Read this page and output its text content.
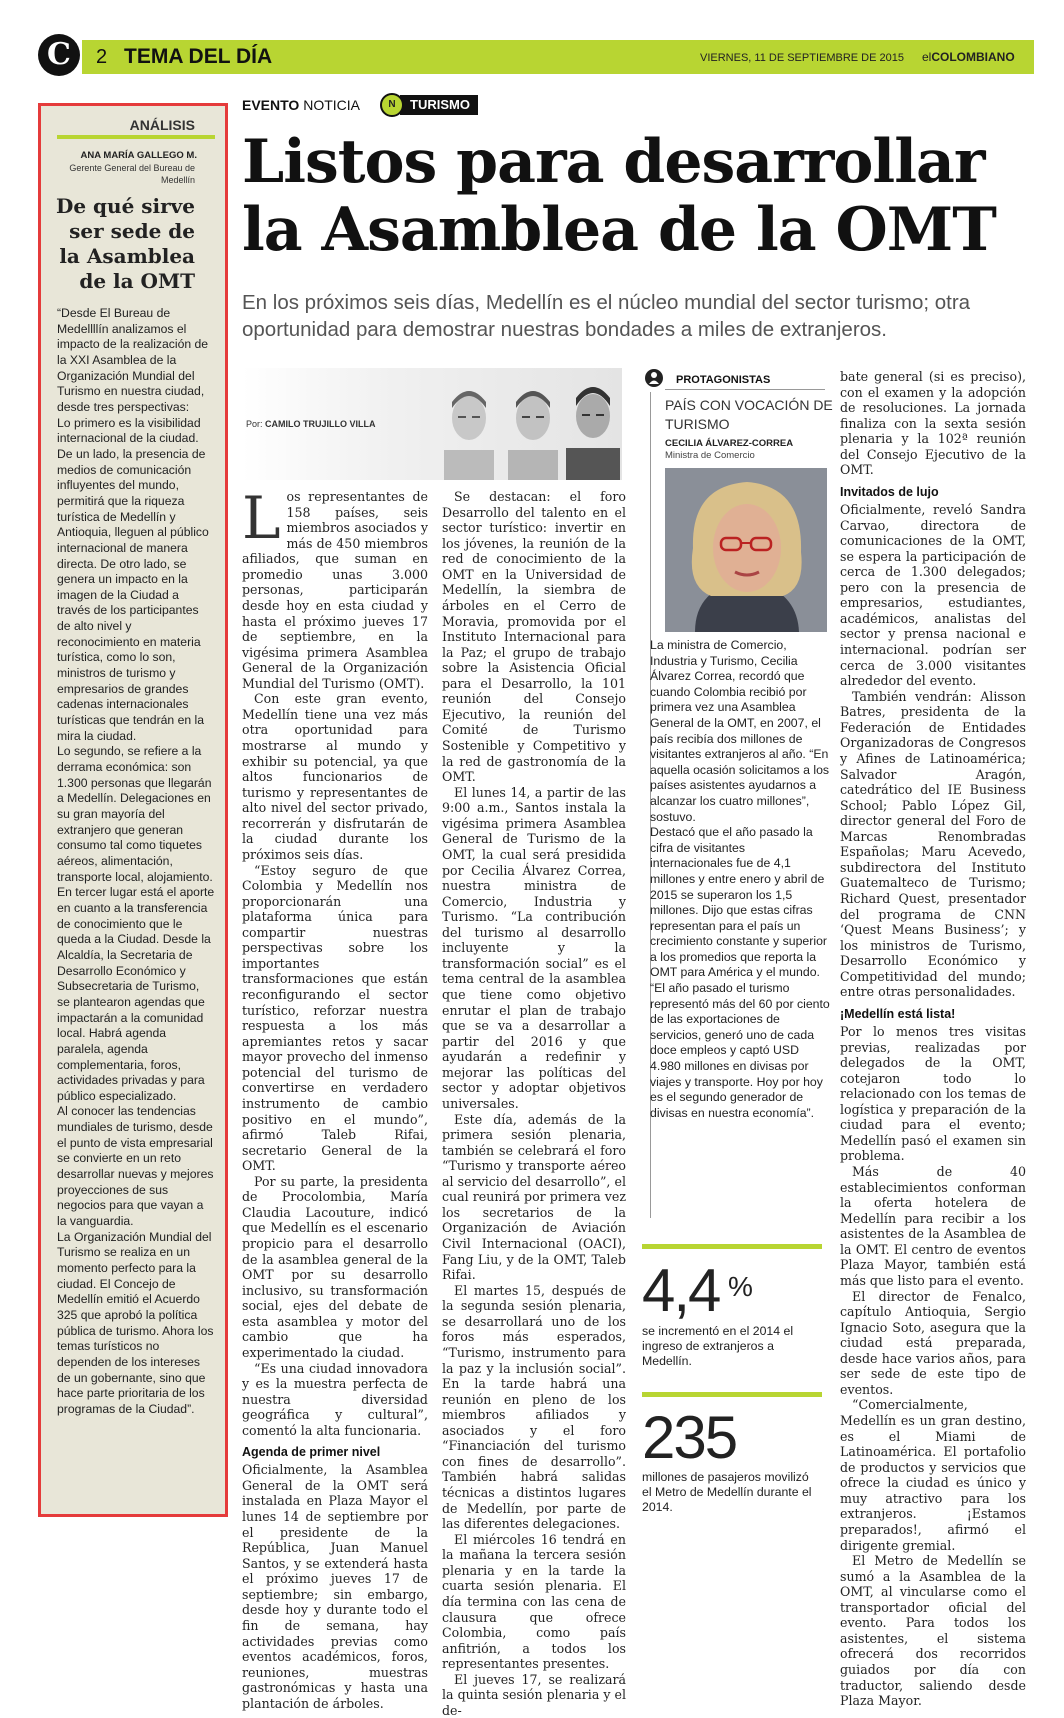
C	2 TEMA DEL DÍA	VIERNES, 11 DE SEPTIEMBRE DE 2015 elCOLOMBIANO
ANÁLISIS
ANA MARÍA GALLEGO M.
Gerente General del Bureau de Medellín
De qué sirve ser sede de la Asamblea de la OMT

“Desde El Bureau de Medellllín analizamos el impacto de la realización de la XXI Asamblea de la Organización Mundial del Turismo en nuestra ciudad, desde tres perspectivas:

Lo primero es la visibilidad internacional de la ciudad. De un lado, la presencia de medios de comunicación influyentes del mundo, permitirá que la riqueza turística de Medellín y Antioquia, lleguen al público internacional de manera directa. De otro lado, se genera un impacto en la imagen de la Ciudad a través de los participantes de alto nivel y reconocimiento en materia turística, como lo son, ministros de turismo y empresarios de grandes cadenas internacionales turísticas que tendrán en la mira la ciudad.

Lo segundo, se refiere a la derrama económica: son 1.300 personas que llegarán a Medellín. Delegaciones en su gran mayoría del extranjero que generan consumo tal como tiquetes aéreos, alimentación, transporte local, alojamiento.

En tercer lugar está el aporte en cuanto a la transferencia de conocimiento que le queda a la Ciudad. Desde la Alcaldía, la Secretaria de Desarrollo Económico y Subsecretaria de Turismo, se plantearon agendas que impactarán a la comunidad local. Habrá agenda paralela, agenda complementaria, foros, actividades privadas y para público especializado.

Al conocer las tendencias mundiales de turismo, desde el punto de vista empresarial se convierte en un reto desarrollar nuevas y mejores proyecciones de sus negocios para que vayan a la vanguardia.

La Organización Mundial del Turismo se realiza en un momento perfecto para la ciudad. El Concejo de Medellín emitió el Acuerdo 325 que aprobó la política pública de turismo. Ahora los temas turísticos no dependen de los intereses de un gobernante, sino que hace parte prioritaria de los programas de la Ciudad”.

EVENTO NOTICIA	TURISMO
N
Listos para desarrollar la Asamblea de la OMT
En los próximos seis días, Medellín es el núcleo mundial del sector turismo; otra oportunidad para demostrar nuestras bondades a miles de extranjeros.
Por: CAMILO TRUJILLO VILLA

Los representantes de 158 países, seis miembros asociados y más de 450 miembros afiliados, que suman en promedio unas 3.000 personas, participarán desde hoy en esta ciudad y hasta el próximo jueves 17 de septiembre, en la vigésima primera Asamblea General de la Organización Mundial del Turismo (OMT).

Con este gran evento, Medellín tiene una vez más otra oportunidad para mostrarse al mundo y exhibir su potencial, ya que altos funcionarios de turismo y representantes de alto nivel del sector privado, recorrerán y disfrutarán de la ciudad durante los próximos seis días.

“Estoy seguro de que Colombia y Medellín nos proporcionarán una plataforma única para compartir nuestras perspectivas sobre los importantes transformaciones que están reconfigurando el sector turístico, reforzar nuestra respuesta a los más apremiantes retos y sacar mayor provecho del inmenso potencial del turismo de convertirse en verdadero instrumento de cambio positivo en el mundo”, afirmó Taleb Rifai, secretario General de la OMT.

Por su parte, la presidenta de Procolombia, María Claudia Lacouture, indicó que Medellín es el escenario propicio para el desarrollo de la asamblea general de la OMT por su desarrollo inclusivo, su transformación social, ejes del debate de esta asamblea y motor del cambio que ha experimentado la ciudad.

“Es una ciudad innovadora y es la muestra perfecta de nuestra diversidad geográfica y cultural”, comentó la alta funcionaria.

Agenda de primer nivel

Oficialmente, la Asamblea General de la OMT será instalada en Plaza Mayor el lunes 14 de septiembre por el presidente de la República, Juan Manuel Santos, y se extenderá hasta el próximo jueves 17 de septiembre; sin embargo, desde hoy y durante todo el fin de semana, hay actividades previas como eventos académicos, foros, reuniones, muestras gastronómicas y hasta una plantación de árboles.

Se destacan: el foro Desarrollo del talento en el sector turístico: invertir en los jóvenes, la reunión de la red de conocimiento de la OMT en la Universidad de Medellín, la siembra de árboles en el Cerro de Moravia, promovida por el Instituto Internacional para la Paz; el grupo de trabajo sobre la Asistencia Oficial para el Desarrollo, la 101 reunión del Consejo Ejecutivo, la reunión del Comité de Turismo Sostenible y Competitivo y la red de gastronomía de la OMT.

El lunes 14, a partir de las 9:00 a.m., Santos instala la vigésima primera Asamblea General de Turismo de la OMT, la cual será presidida por Cecilia Álvarez Correa, nuestra ministra de Comercio, Industria y Turismo. “La contribución del turismo al desarrollo incluyente y la transformación social” es el tema central de la asamblea que tiene como objetivo enrutar el plan de trabajo que se va a desarrollar a partir del 2016 y que ayudarán a redefinir y mejorar las políticas del sector y adoptar objetivos universales.

Este día, además de la primera sesión plenaria, también se celebrará el foro “Turismo y transporte aéreo al servicio del desarrollo”, el cual reunirá por primera vez los secretarios de la Organización de Aviación Civil Internacional (OACI), Fang Liu, y de la OMT, Taleb Rifai.

El martes 15, después de la segunda sesión plenaria, se desarrollará uno de los foros más esperados, “Turismo, instrumento para la paz y la inclusión social”. En la tarde habrá una reunión en pleno de los miembros afiliados y asociados y el foro “Financiación del turismo con fines de desarrollo”. También habrá salidas técnicas a distintos lugares de Medellín, por parte de las diferentes delegaciones.

El miércoles 16 tendrá en la mañana la tercera sesión plenaria y en la tarde la cuarta sesión plenaria. El día termina con las cena de clausura que ofrece Colombia, como país anfitrión, a todos los representantes presentes.

El jueves 17, se realizará la quinta sesión plenaria y el de-

PROTAGONISTAS
PAÍS CON VOCACIÓN DE TURISMO
CECILIA ÁLVAREZ-CORREA
Ministra de Comercio

La ministra de Comercio, Industria y Turismo, Cecilia Álvarez Correa, recordó que cuando Colombia recibió por primera vez una Asamblea General de la OMT, en 2007, el país recibía dos millones de visitantes extranjeros al año. “En aquella ocasión solicitamos a los países asistentes ayudarnos a alcanzar los cuatro millones”, sostuvo.

Destacó que el año pasado la cifra de visitantes internacionales fue de 4,1 millones y entre enero y abril de 2015 se superaron los 1,5 millones. Dijo que estas cifras representan para el país un crecimiento constante y superior a los promedios que reporta la OMT para América y el mundo. “El año pasado el turismo representó más del 60 por ciento de las exportaciones de servicios, generó uno de cada doce empleos y captó USD 4.980 millones en divisas por viajes y transporte. Hoy por hoy es el segundo generador de divisas en nuestra economía”.

4,4 %
se incrementó en el 2014 el ingreso de extranjeros a Medellín.
235
millones de pasajeros movilizó el Metro de Medellín durante el 2014.

bate general (si es preciso), con el examen y la adopción de resoluciones. La jornada finaliza con la sexta sesión plenaria y la 102ª reunión del Consejo Ejecutivo de la OMT.

Invitados de lujo

Oficialmente, reveló Sandra Carvao, directora de comunicaciones de la OMT, se espera la participación de cerca de 1.300 delegados; pero con la presencia de empresarios, estudiantes, académicos, analistas del sector y prensa nacional e internacional. podrían ser cerca de 3.000 visitantes alrededor del evento.

También vendrán: Alisson Batres, presidenta de la Federación de Entidades Organizadoras de Congresos y Afines de Latinoamérica; Salvador Aragón, catedrático del IE Business School; Pablo López Gil, director general del Foro de Marcas Renombradas Españolas; Maru Acevedo, subdirectora del Instituto Guatemalteco de Turismo; Richard Quest, presentador del programa de CNN ‘Quest Means Business’; y los ministros de Turismo, Desarrollo Económico y Competitividad del mundo; entre otras personalidades.

¡Medellín está lista!

Por lo menos tres visitas previas, realizadas por delegados de la OMT, cotejaron todo lo relacionado con los temas de logística y preparación de la ciudad para el evento; Medellín pasó el examen sin problema.

Más de 40 establecimientos conforman la oferta hotelera de Medellín para recibir a los asistentes de la Asamblea de la OMT. El centro de eventos Plaza Mayor, también está más que listo para el evento.

El director de Fenalco, capítulo Antioquia, Sergio Ignacio Soto, asegura que la ciudad está preparada, desde hace varios años, para ser sede de este tipo de eventos.

“Comercialmente, Medellín es un gran destino, es el Miami de Latinoamérica. El portafolio de productos y servicios que ofrece la ciudad es único y muy atractivo para los extranjeros. ¡Estamos preparados!, afirmó el dirigente gremial.

El Metro de Medellín se sumó a la Asamblea de la OMT, al vincularse como el transportador oficial del evento. Para todos los asistentes, el sistema ofrecerá dos recorridos guiados por día con traductor, saliendo desde Plaza Mayor.
